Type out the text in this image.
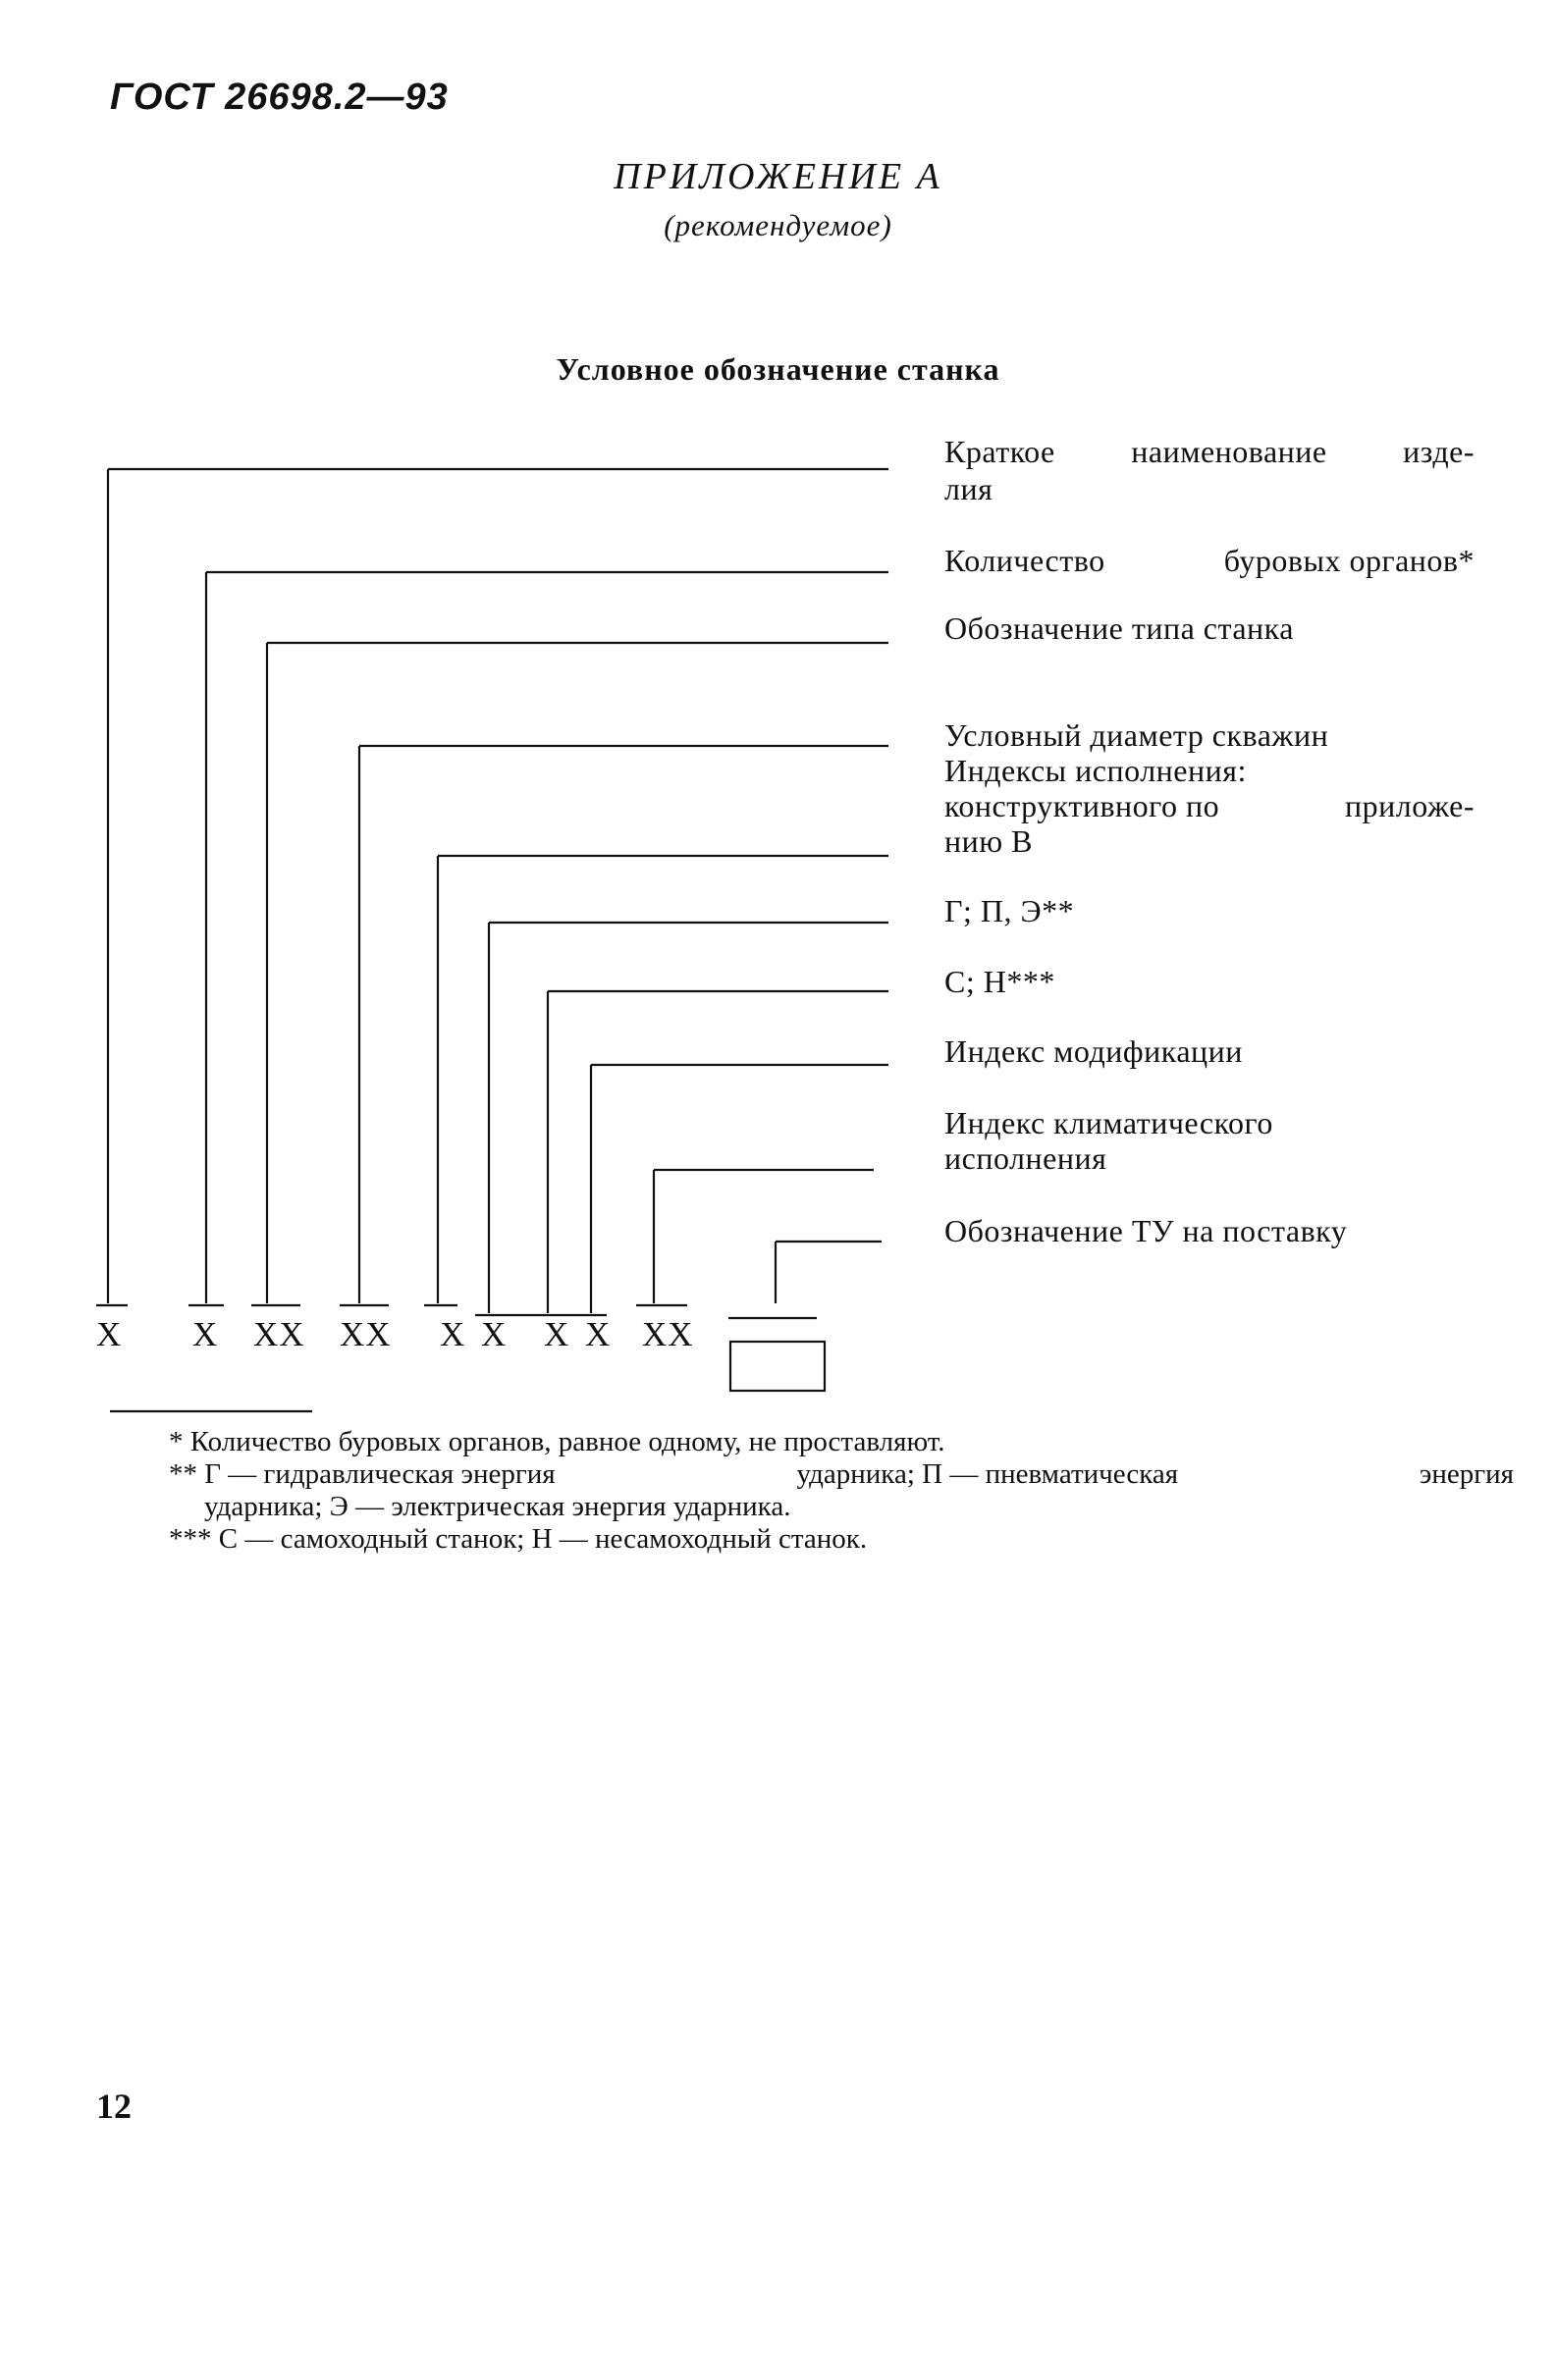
ГОСТ 26698.2—93
ПРИЛОЖЕНИЕ А
(рекомендуемое)
Условное обозначение станка
Краткое наименование изде-
лия
Количество	буровых органов*
Обозначение типа станка
Условный диаметр скважин
Индексы исполнения:
конструктивного по	приложе-
нию В
Г; П, Э**
С; Н***
Индекс модификации
Индекс климатического исполнения
Обозначение ТУ на поставку
X X XX XX X X X X XX
* Количество буровых органов, равное одному, не проставляют.
** Г — гидравлическая энергия	ударника; П — пневматическая	энергия
ударника; Э — электрическая энергия ударника.
*** С — самоходный станок; Н — несамоходный станок.
12
